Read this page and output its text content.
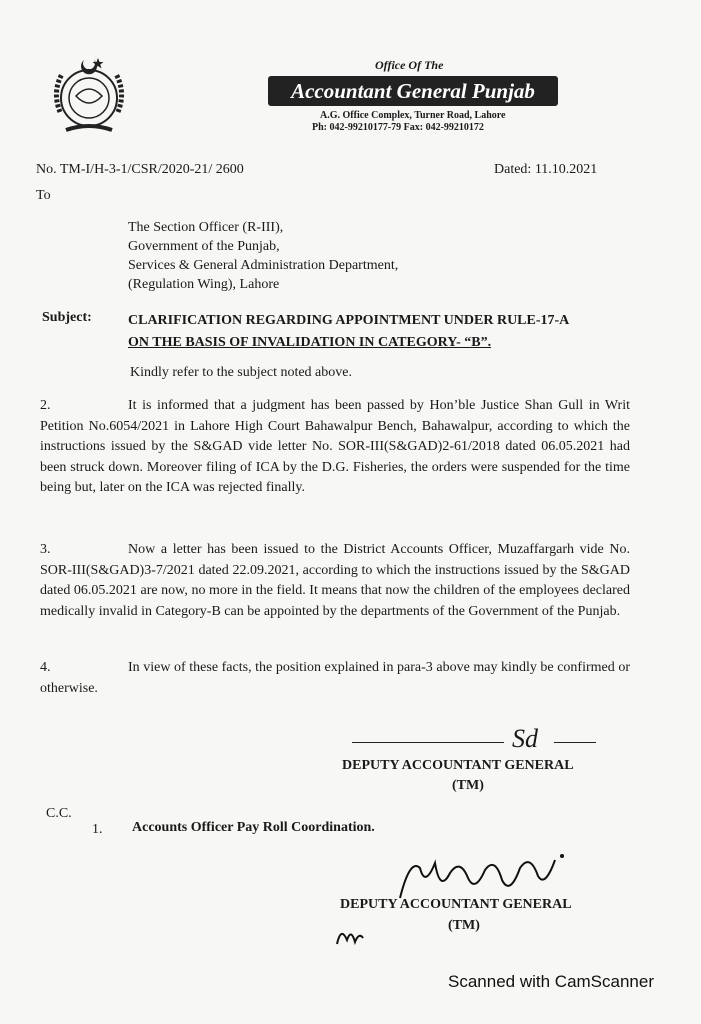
Office Of The
Accountant General Punjab
A.G. Office Complex, Turner Road, Lahore
Ph: 042-99210177-79 Fax: 042-99210172
No. TM-I/H-3-1/CSR/2020-21/ 2600	Dated: 11.10.2021
To
The Section Officer (R-III),
Government of the Punjab,
Services & General Administration Department,
(Regulation Wing), Lahore
Subject:	CLARIFICATION REGARDING APPOINTMENT UNDER RULE-17-A
ON THE BASIS OF INVALIDATION IN CATEGORY- “B”.
Kindly refer to the subject noted above.
2.	It is informed that a judgment has been passed by Hon’ble Justice Shan Gull in Writ Petition No.6054/2021 in Lahore High Court Bahawalpur Bench, Bahawalpur, according to which the instructions issued by the S&GAD vide letter No. SOR-III(S&GAD)2-61/2018 dated 06.05.2021 had been struck down. Moreover filing of ICA by the D.G. Fisheries, the orders were suspended for the time being but, later on the ICA was rejected finally.
3.	Now a letter has been issued to the District Accounts Officer, Muzaffargarh vide No. SOR-III(S&GAD)3-7/2021 dated 22.09.2021, according to which the instructions issued by the S&GAD dated 06.05.2021 are now, no more in the field. It means that now the children of the employees declared medically invalid in Category-B can be appointed by the departments of the Government of the Punjab.
4.	In view of these facts, the position explained in para-3 above may kindly be confirmed or otherwise.
Sd
DEPUTY ACCOUNTANT GENERAL
(TM)
C.C.
1. Accounts Officer Pay Roll Coordination.
DEPUTY ACCOUNTANT GENERAL
(TM)
Scanned with CamScanner
